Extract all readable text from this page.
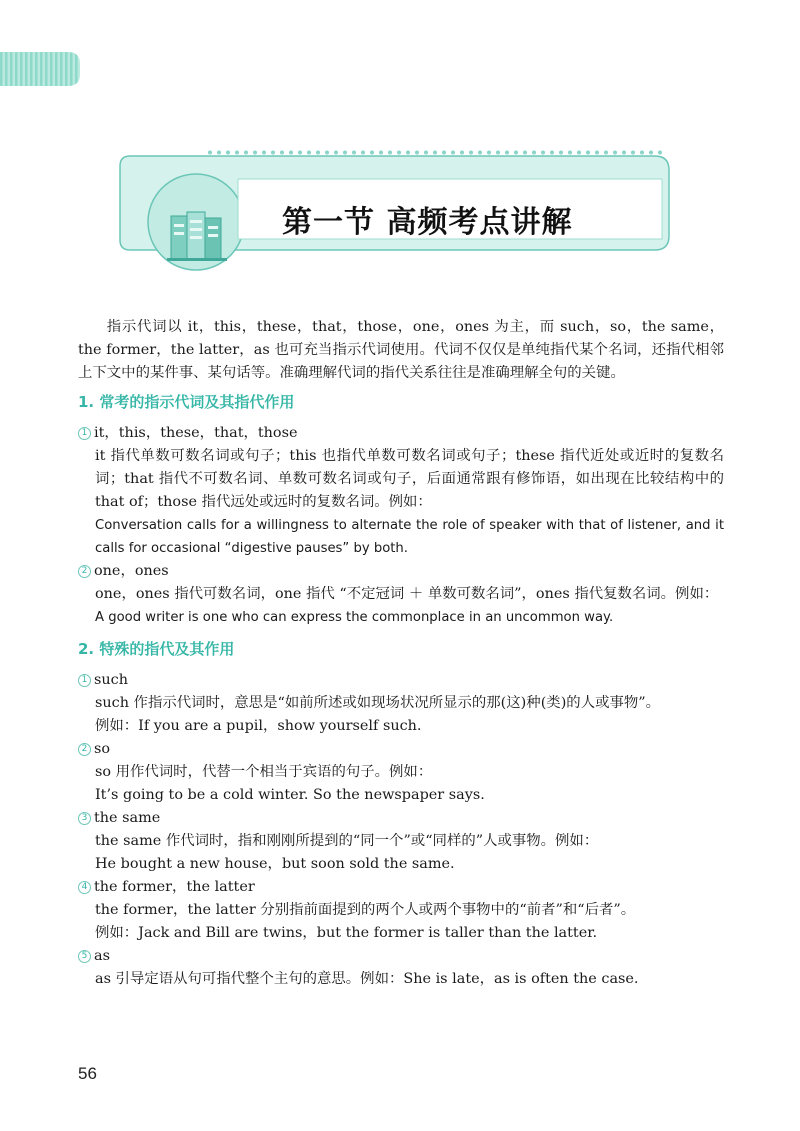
第一节 高频考点讲解

指示代词以 it，this，these，that，those，one，ones 为主，而 such，so，the same，the former，the latter，as 也可充当指示代词使用。代词不仅仅是单纯指代某个名词，还指代相邻上下文中的某件事、某句话等。准确理解代词的指代关系往往是准确理解全句的关键。

1. 常考的指示代词及其指代作用
1 it，this，these，that，those

it 指代单数可数名词或句子；this 也指代单数可数名词或句子；these 指代近处或近时的复数名词；that 指代不可数名词、单数可数名词或句子，后面通常跟有修饰语，如出现在比较结构中的 that of；those 指代远处或远时的复数名词。例如：

Conversation calls for a willingness to alternate the role of speaker with that of listener, and it calls for occasional “digestive pauses” by both.

2 one，ones

one，ones 指代可数名词，one 指代 “不定冠词 ＋ 单数可数名词”，ones 指代复数名词。例如：

A good writer is one who can express the commonplace in an uncommon way.

2. 特殊的指代及其作用
1 such

such 作指示代词时，意思是“如前所述或如现场状况所显示的那(这)种(类)的人或事物”。

例如：If you are a pupil，show yourself such.

2 so

so 用作代词时，代替一个相当于宾语的句子。例如：

It’s going to be a cold winter. So the newspaper says.

3 the same

the same 作代词时，指和刚刚所提到的“同一个”或“同样的”人或事物。例如：

He bought a new house，but soon sold the same.

4 the former，the latter

the former，the latter 分别指前面提到的两个人或两个事物中的“前者”和“后者”。

例如：Jack and Bill are twins，but the former is taller than the latter.

5 as

as 引导定语从句可指代整个主句的意思。例如：She is late，as is often the case.

56
